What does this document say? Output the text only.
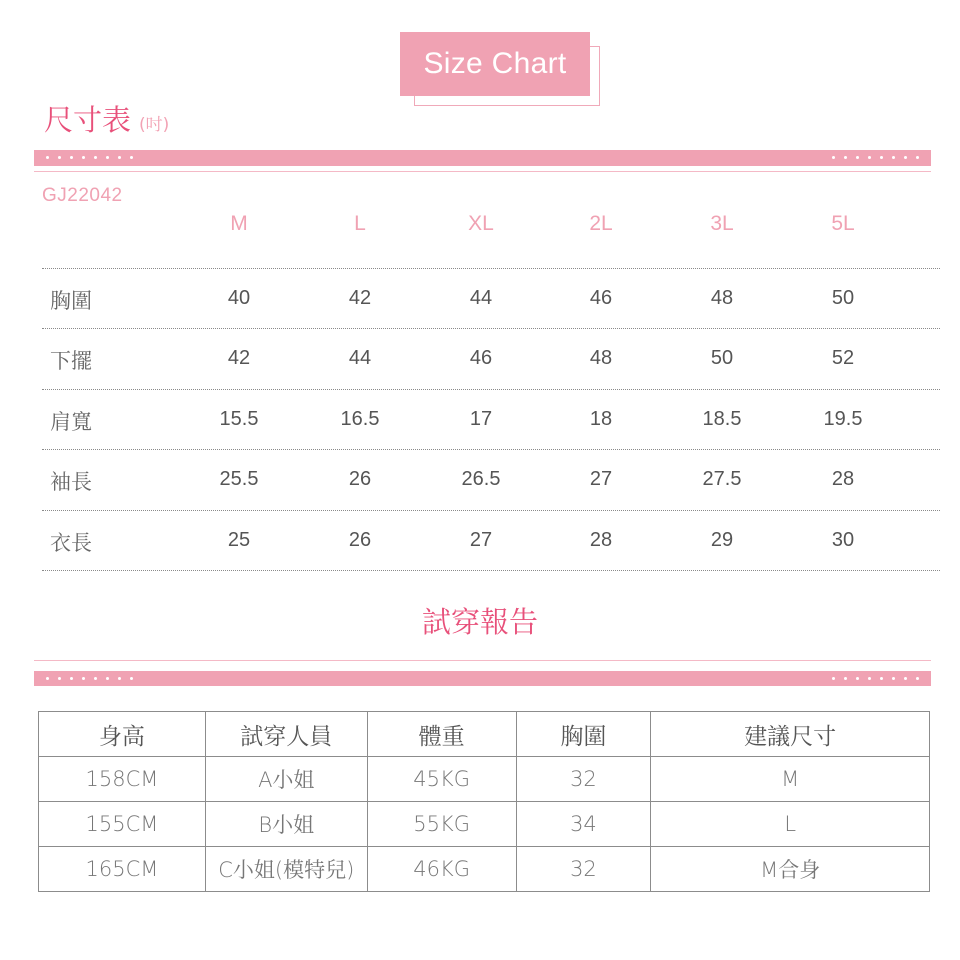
Size Chart
尺寸表 (吋)
GJ22042
M	L	XL	2L	3L	5L
胸圍	40	42	44	46	48	50
下擺	42	44	46	48	50	52
肩寬	15.5	16.5	17	18	18.5	19.5
袖長	25.5	26	26.5	27	27.5	28
衣長	25	26	27	28	29	30
試穿報告
身高	試穿人員	體重	胸圍	建議尺寸
158CM	A小姐	45KG	32	M
155CM	B小姐	55KG	34	L
165CM	C小姐(模特兒)	46KG	32	M合身
